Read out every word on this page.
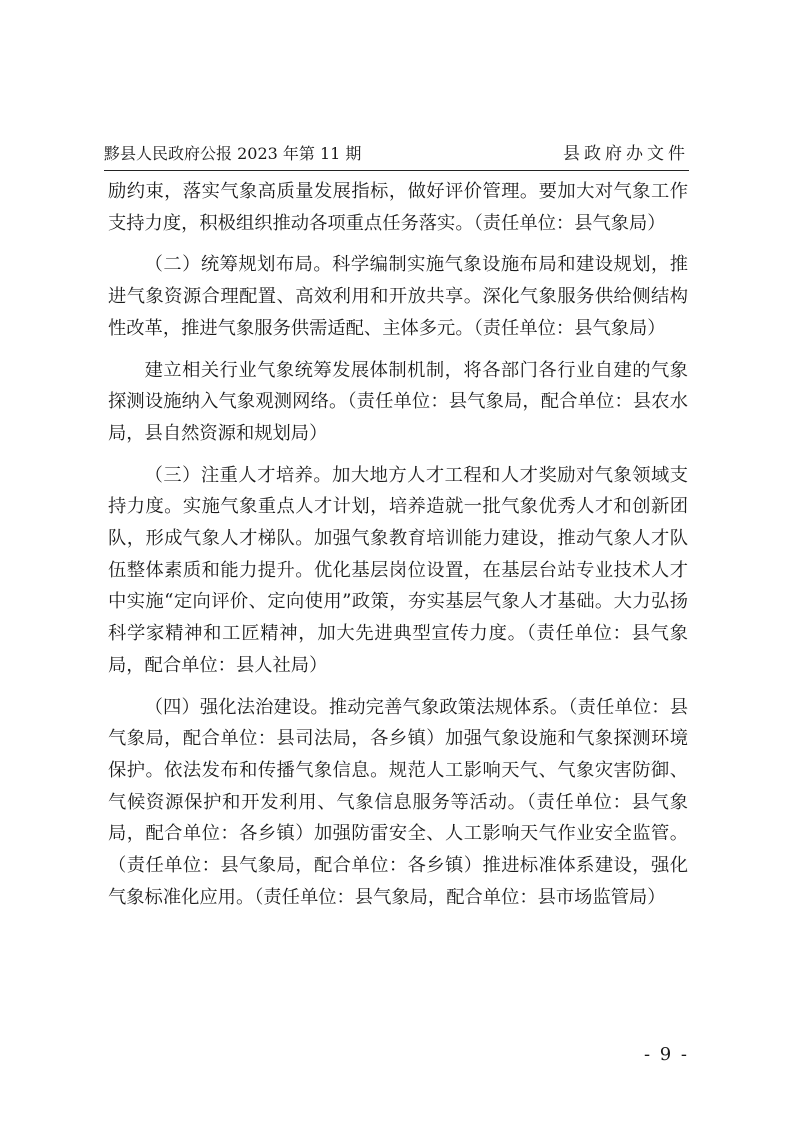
黟县人民政府公报 2023 年第 11 期	县政府办文件

励约束，落实气象高质量发展指标，做好评价管理。要加大对气象工作支持力度，积极组织推动各项重点任务落实。（责任单位：县气象局）

（二）统筹规划布局。科学编制实施气象设施布局和建设规划，推进气象资源合理配置、高效利用和开放共享。深化气象服务供给侧结构性改革，推进气象服务供需适配、主体多元。（责任单位：县气象局）

建立相关行业气象统筹发展体制机制，将各部门各行业自建的气象探测设施纳入气象观测网络。（责任单位：县气象局，配合单位：县农水局，县自然资源和规划局）

（三）注重人才培养。加大地方人才工程和人才奖励对气象领域支持力度。实施气象重点人才计划，培养造就一批气象优秀人才和创新团队，形成气象人才梯队。加强气象教育培训能力建设，推动气象人才队伍整体素质和能力提升。优化基层岗位设置，在基层台站专业技术人才中实施“定向评价、定向使用”政策，夯实基层气象人才基础。大力弘扬科学家精神和工匠精神，加大先进典型宣传力度。（责任单位：县气象局，配合单位：县人社局）

（四）强化法治建设。推动完善气象政策法规体系。（责任单位：县气象局，配合单位：县司法局，各乡镇）加强气象设施和气象探测环境保护。依法发布和传播气象信息。规范人工影响天气、气象灾害防御、气候资源保护和开发利用、气象信息服务等活动。（责任单位：县气象局，配合单位：各乡镇）加强防雷安全、人工影响天气作业安全监管。（责任单位：县气象局，配合单位：各乡镇）推进标准体系建设，强化气象标准化应用。（责任单位：县气象局，配合单位：县市场监管局）

- 9 -
